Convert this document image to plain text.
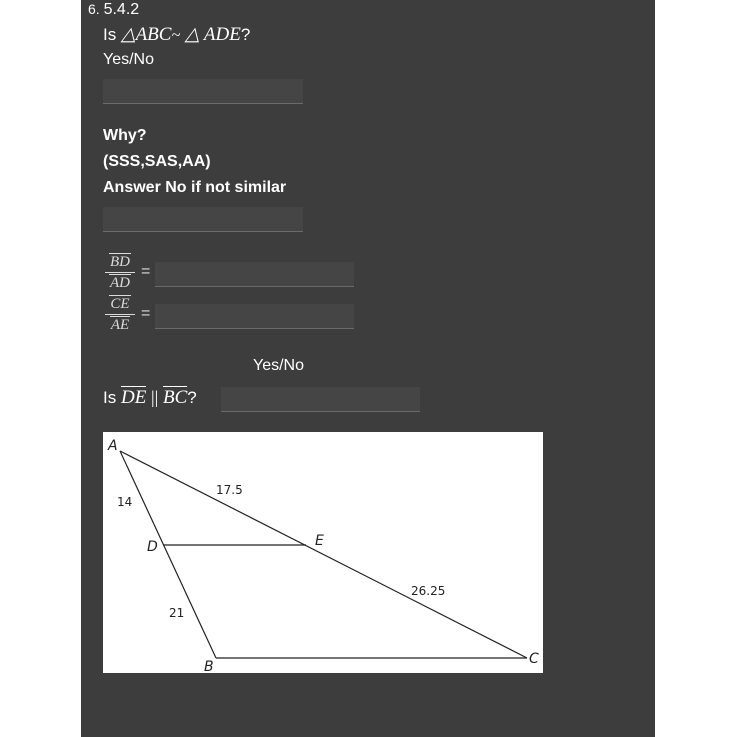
6. 5.4.2
Is △ABC~ △ ADE?
Yes/No
Why?
(SSS,SAS,AA)
Answer No if not similar
BD
AD
=
CE
AE
=
Yes/No
Is DE || BC?
A
B	C
D	E
14
21
17.5
26.25
